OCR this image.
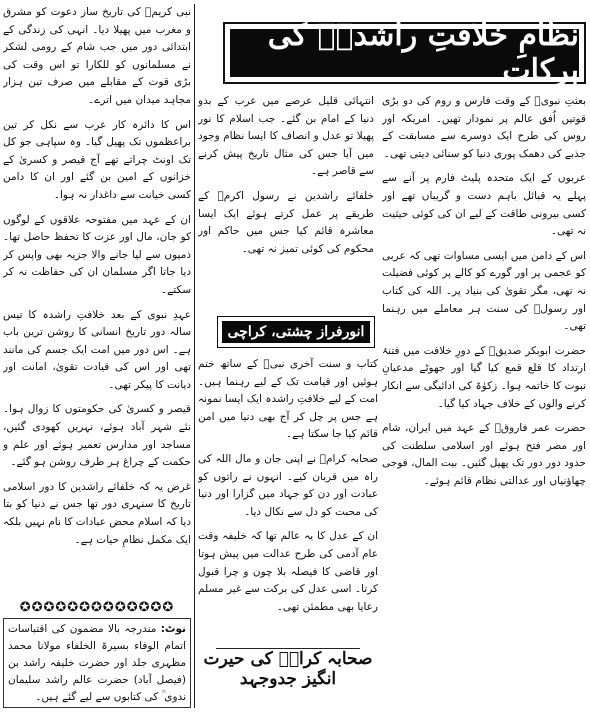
نبی کریمؐ کی تاریخ ساز دعوت کو مشرق و مغرب میں پھیلا دیا۔ انہی کی زندگی کے ابتدائی دور میں جب شام کے رومی لشکر نے مسلمانوں کو للکارا تو اس وقت کی بڑی قوت کے مقابلے میں صرف تین ہزار مجاہد میدان میں اترے۔

اس کا دائرہ کار عرب سے نکل کر تین براعظموں تک پھیل گیا۔ وہ سپاہی جو کل تک اونٹ چراتے تھے آج قیصر و کسریٰ کے خزانوں کے امین بن گئے اور ان کا دامن کسی خیانت سے داغدار نہ ہوا۔

ان کے عہد میں مفتوحہ علاقوں کے لوگوں کو جان، مال اور عزت کا تحفظ حاصل تھا۔ ذمیوں سے لیا جانے والا جزیہ بھی واپس کر دیا جاتا اگر مسلمان ان کی حفاظت نہ کر سکتے۔

عہدِ نبوی کے بعد خلافتِ راشدہ کا تیس سالہ دور تاریخ انسانی کا روشن ترین باب ہے۔ اس دور میں امت ایک جسم کی مانند تھی اور اس کی قیادت تقویٰ، امانت اور دیانت کا پیکر تھی۔

قیصر و کسریٰ کی حکومتوں کا زوال ہوا۔ نئے شہر آباد ہوئے، نہریں کھودی گئیں، مساجد اور مدارس تعمیر ہوئے اور علم و حکمت کے چراغ ہر طرف روشن ہو گئے۔

غرض یہ کہ خلفائے راشدین کا دور اسلامی تاریخ کا سنہری دور تھا جس نے دنیا کو بتا دیا کہ اسلام محض عبادات کا نام نہیں بلکہ ایک مکمل نظامِ حیات ہے۔

✪✪✪✪✪✪✪✪✪✪✪✪✪
نوٹ: مندرجہ بالا مضمون کی اقتباسات اتمام الوفاء بسیرۃ الخلفاء مولانا محمد مظہری جلد اور حضرت خلیفہ راشد بن (فیصل آباد) حضرت عالم راشد سلیمان ندوی ؒ کی کتابوں سے لیے گئے ہیں۔
نظامِ خلافتِ راشدہؓ کی برکات

بعثتِ نبویؐ کے وقت فارس و روم کی دو بڑی قوتیں اُفق عالم پر نمودار تھیں۔ امریکہ اور روس کی طرح ایک دوسرے سے مسابقت کے جذبے کی دھمک پوری دنیا کو سنائی دیتی تھی۔

عربوں کے ایک متحدہ پلیٹ فارم پر آنے سے پہلے یہ قبائل باہم دست و گریباں تھے اور کسی بیرونی طاقت کے لیے ان کی کوئی حیثیت نہ تھی۔

اس کے دامن میں ایسی مساوات تھی کہ عربی کو عجمی پر اور گورے کو کالے پر کوئی فضیلت نہ تھی، مگر تقویٰ کی بنیاد پر۔ اللہ کی کتاب اور رسولؐ کی سنت ہر معاملے میں رہنما تھی۔

حضرت ابوبکر صدیقؓ کے دورِ خلافت میں فتنۂ ارتداد کا قلع قمع کیا گیا اور جھوٹے مدعیانِ نبوت کا خاتمہ ہوا۔ زکوٰۃ کی ادائیگی سے انکار کرنے والوں کے خلاف جہاد کیا گیا۔

حضرت عمر فاروقؓ کے عہد میں ایران، شام اور مصر فتح ہوئے اور اسلامی سلطنت کی حدود دور دور تک پھیل گئیں۔ بیت المال، فوجی چھاؤنیاں اور عدالتی نظام قائم ہوئے۔

انتہائی قلیل عرصے میں عرب کے بدو دنیا کے امام بن گئے۔ جب اسلام کا نور پھیلا تو عدل و انصاف کا ایسا نظام وجود میں آیا جس کی مثال تاریخ پیش کرنے سے قاصر ہے۔

خلفائے راشدین نے رسول اکرمؐ کے طریقے پر عمل کرتے ہوئے ایک ایسا معاشرہ قائم کیا جس میں حاکم اور محکوم کی کوئی تمیز نہ تھی۔

انورفراز چشتی، کراچی

کتاب و سنت آخری نبیؐ کے ساتھ ختم ہوئیں اور قیامت تک کے لیے رہنما ہیں۔ امت کے لیے خلافتِ راشدہ ایک ایسا نمونہ ہے جس پر چل کر آج بھی دنیا میں امن قائم کیا جا سکتا ہے۔

صحابہ کرامؓ نے اپنی جان و مال اللہ کی راہ میں قربان کیے۔ انہوں نے راتوں کو عبادت اور دن کو جہاد میں گزارا اور دنیا کی محبت کو دل سے نکال دیا۔

ان کے عدل کا یہ عالم تھا کہ خلیفہ وقت عام آدمی کی طرح عدالت میں پیش ہوتا اور قاضی کا فیصلہ بلا چون و چرا قبول کرتا۔ اسی عدل کی برکت سے غیر مسلم رعایا بھی مطمئن تھی۔

صحابہ کرامؓ کی حیرت انگیز جدوجہد
